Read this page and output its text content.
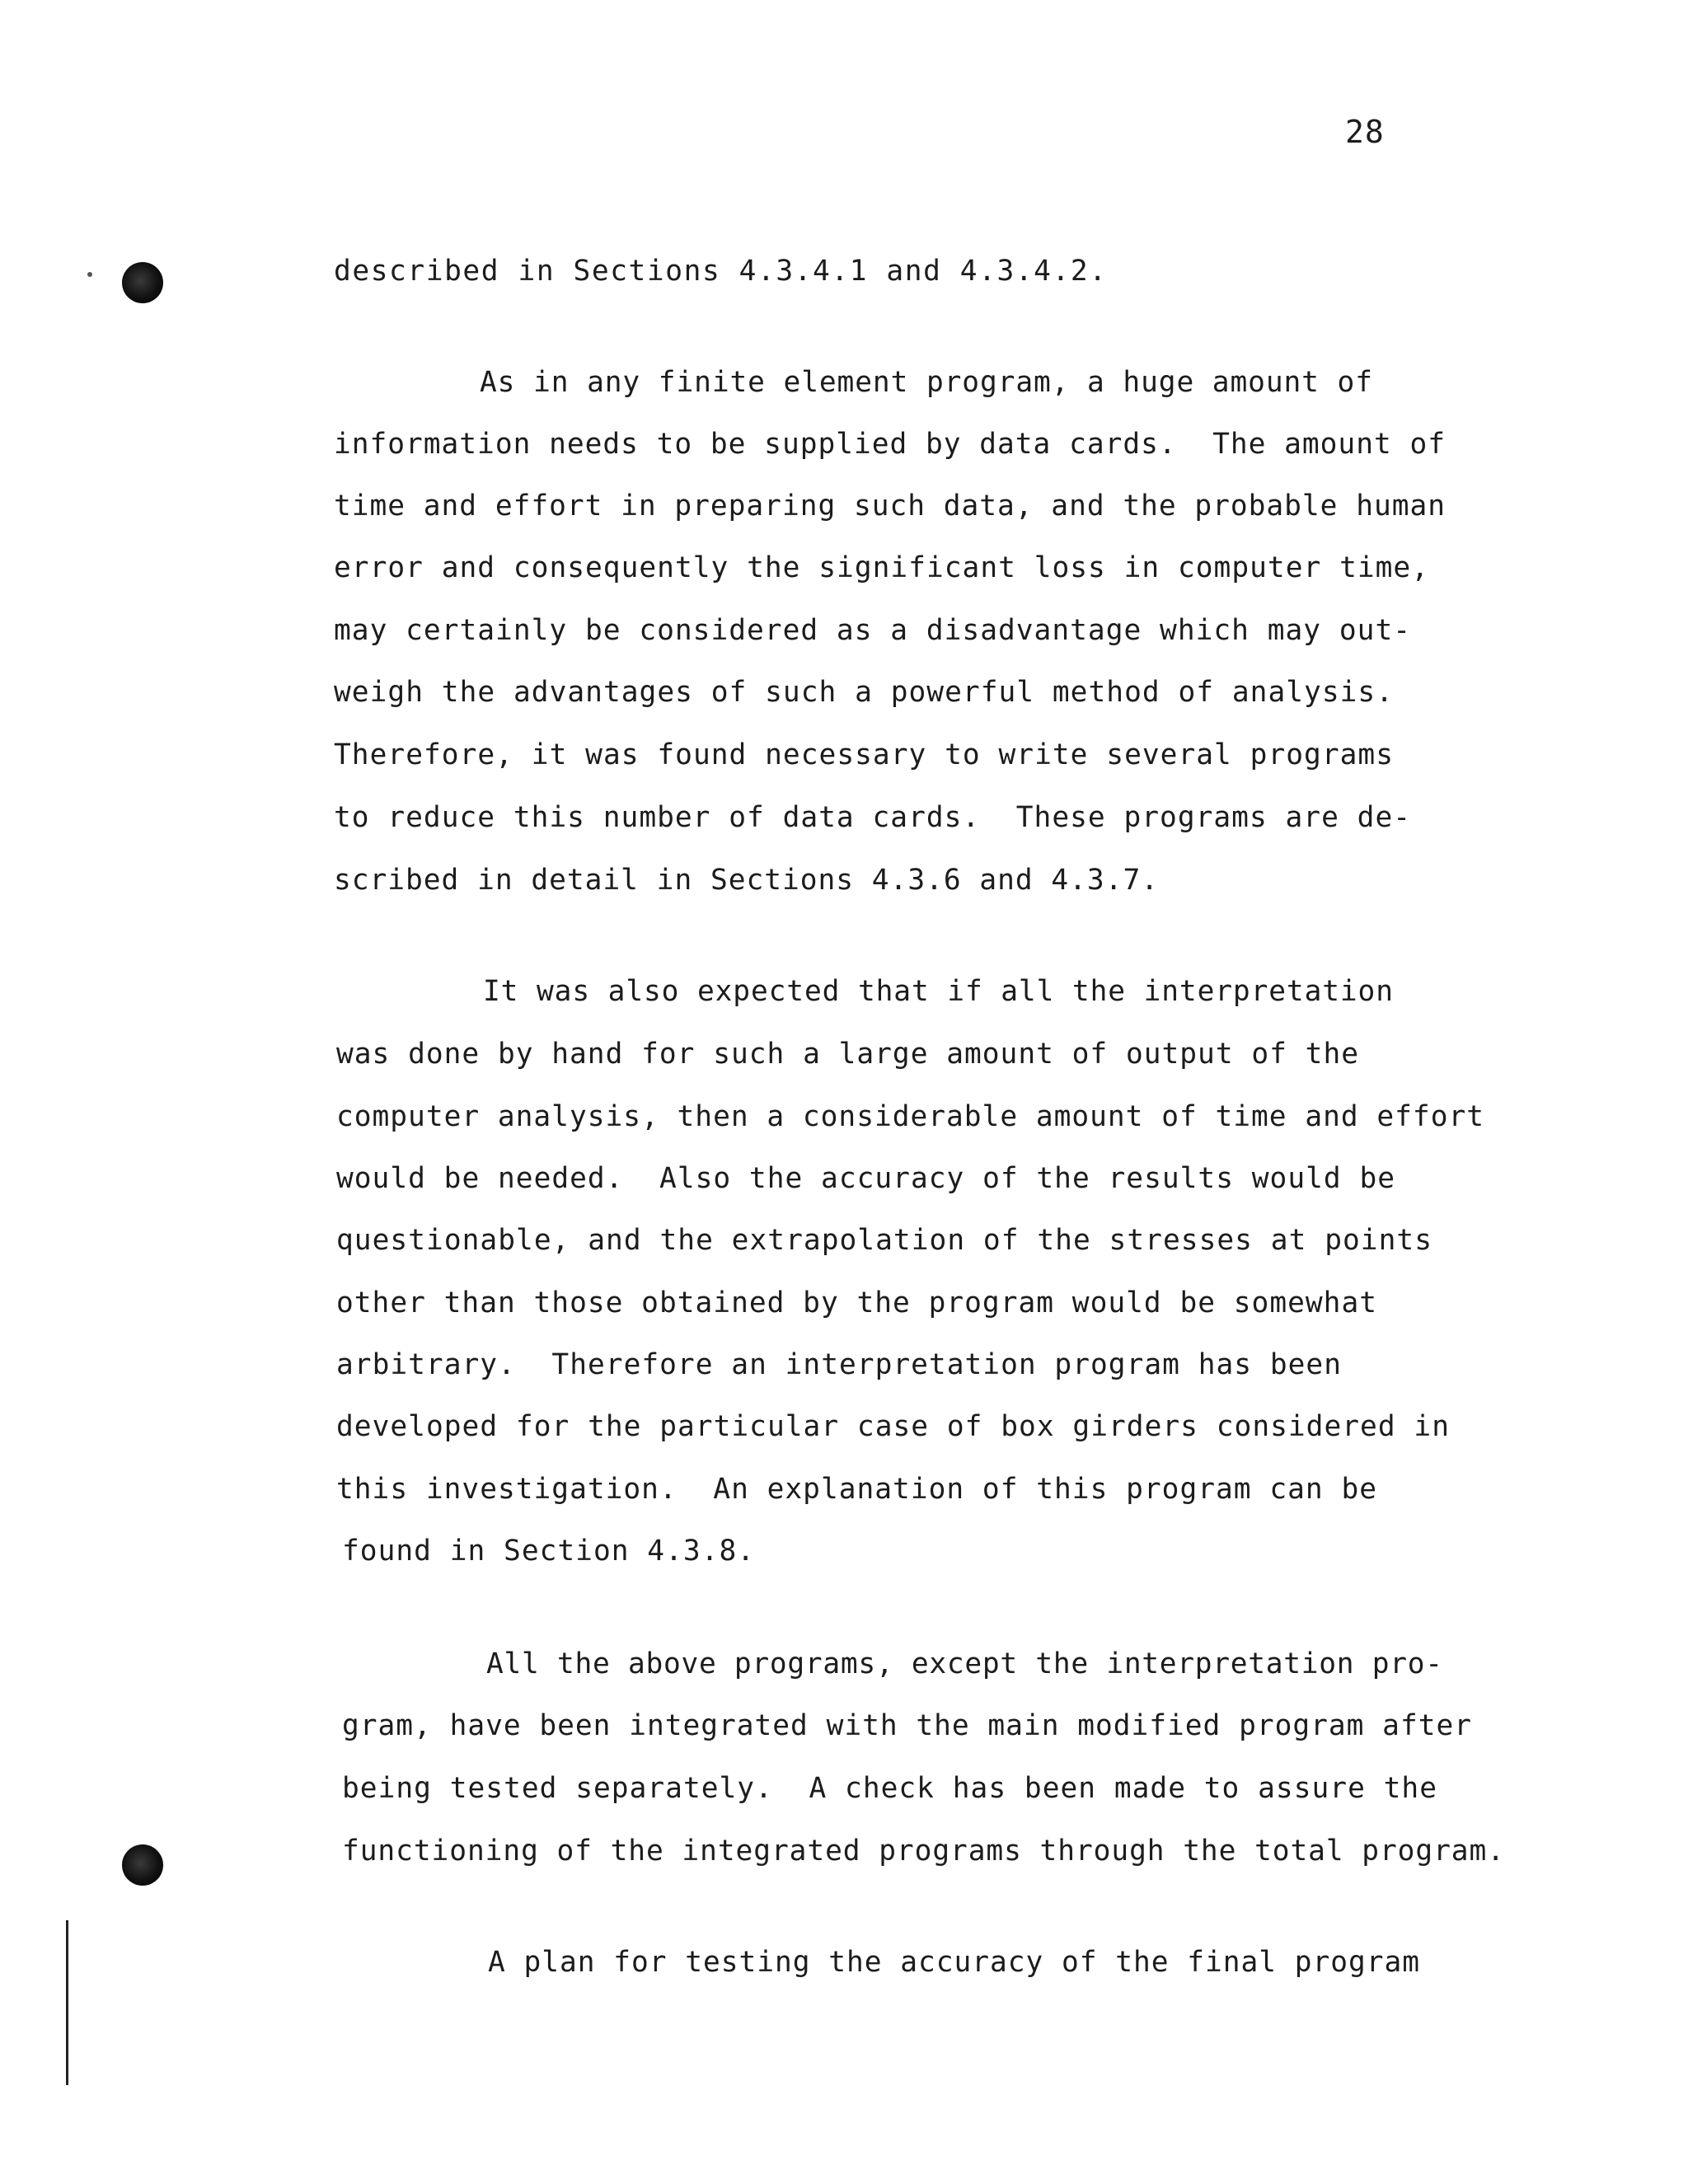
28
described in Sections 4.3.4.1 and 4.3.4.2.
As in any finite element program, a huge amount of
information needs to be supplied by data cards.  The amount of
time and effort in preparing such data, and the probable human
error and consequently the significant loss in computer time,
may certainly be considered as a disadvantage which may out-
weigh the advantages of such a powerful method of analysis.
Therefore, it was found necessary to write several programs
to reduce this number of data cards.  These programs are de-
scribed in detail in Sections 4.3.6 and 4.3.7.
It was also expected that if all the interpretation
was done by hand for such a large amount of output of the
computer analysis, then a considerable amount of time and effort
would be needed.  Also the accuracy of the results would be
questionable, and the extrapolation of the stresses at points
other than those obtained by the program would be somewhat
arbitrary.  Therefore an interpretation program has been
developed for the particular case of box girders considered in
this investigation.  An explanation of this program can be
found in Section 4.3.8.
All the above programs, except the interpretation pro-
gram, have been integrated with the main modified program after
being tested separately.  A check has been made to assure the
functioning of the integrated programs through the total program.
A plan for testing the accuracy of the final program
